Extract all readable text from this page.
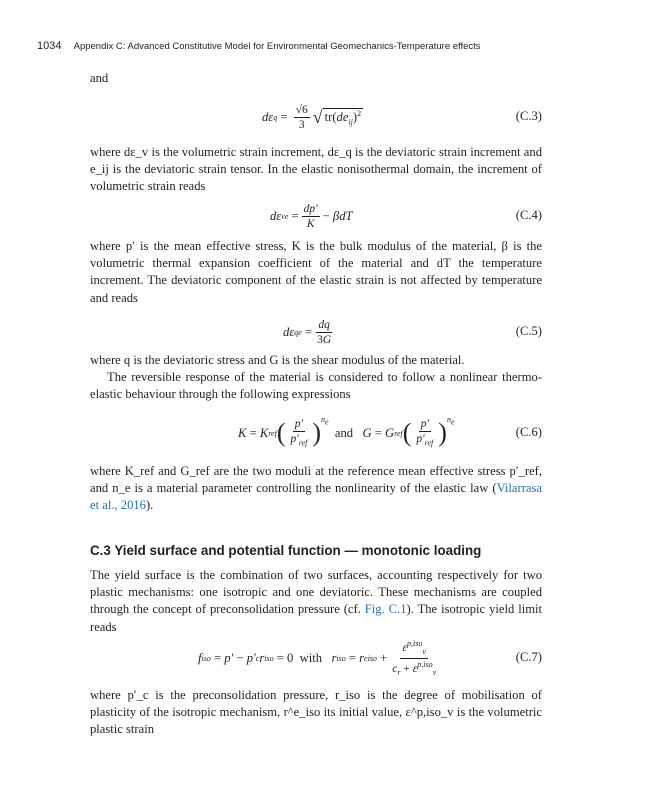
1034 Appendix C: Advanced Constitutive Model for Environmental Geomechanics-Temperature effects
and
dε q
=
$\frac{√6}{3}$ √ $tr(de_{ij})^2$	(C.3)
where dε_v is the volumetric strain increment, dε_q is the deviatoric strain increment and e_ij is the deviatoric strain tensor. In the elastic nonisothermal domain, the increment of volumetric strain reads
dε v e
= $\frac{dp'}{K} - \beta dT$	(C.4)
where p′ is the mean effective stress, K is the bulk modulus of the material, β is the volumetric thermal expansion coefficient of the material and dT the temperature increment. The deviatoric component of the elastic strain is not affected by temperature and reads
dε q e
= $\frac{dq}{3G}$	(C.5)
where q is the deviatoric stress and G is the shear modulus of the material.
The reversible response of the material is considered to follow a nonlinear thermo-elastic behaviour through the following expressions
K = K ref ( $\frac{p'}{p'_{ref}} )^{n_e}$

and G = G ref ( $\frac{p'}{p'_{ref}} )^{n_e}$
(C.6)
where K_ref and G_ref are the two moduli at the reference mean effective stress p′_ref, and n_e is a material parameter controlling the nonlinearity of the elastic law (Vilarrasa et al., 2016).
C.3 Yield surface and potential function — monotonic loading
The yield surface is the combination of two surfaces, accounting respectively for two plastic mechanisms: one isotropic and one deviatoric. These mechanisms are coupled through the concept of preconsolidation pressure (cf. Fig. C.1). The isotropic yield limit reads
f iso
= p′ − p′ c r iso
= 0
with r iso
= r e iso
+ $\frac{\varepsilon^{p,iso}_v}{c_r + \varepsilon^{p,iso}_v}$	(C.7)
where p′_c is the preconsolidation pressure, r_iso is the degree of mobilisation of plasticity of the isotropic mechanism, r^e_iso its initial value, ε^p,iso_v is the volumetric plastic strain
